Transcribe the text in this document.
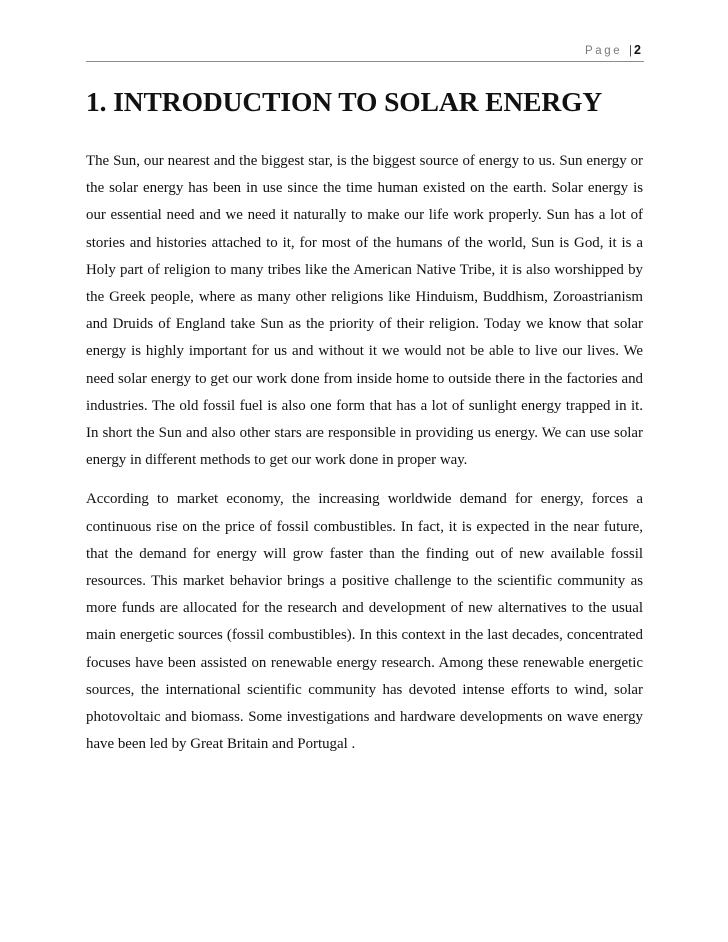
Page | 2
1. INTRODUCTION TO SOLAR ENERGY

The Sun, our nearest and the biggest star, is the biggest source of energy to us. Sun energy or the solar energy has been in use since the time human existed on the earth. Solar energy is our essential need and we need it naturally to make our life work properly. Sun has a lot of stories and histories attached to it, for most of the humans of the world, Sun is God, it is a Holy part of religion to many tribes like the American Native Tribe, it is also worshipped by the Greek people, where as many other religions like Hinduism, Buddhism, Zoroastrianism and Druids of England take Sun as the priority of their religion. Today we know that solar energy is highly important for us and without it we would not be able to live our lives. We need solar energy to get our work done from inside home to outside there in the factories and industries. The old fossil fuel is also one form that has a lot of sunlight energy trapped in it. In short the Sun and also other stars are responsible in providing us energy. We can use solar energy in different methods to get our work done in proper way.

According to market economy, the increasing worldwide demand for energy, forces a continuous rise on the price of fossil combustibles. In fact, it is expected in the near future, that the demand for energy will grow faster than the finding out of new available fossil resources. This market behavior brings a positive challenge to the scientific community as more funds are allocated for the research and development of new alternatives to the usual main energetic sources (fossil combustibles). In this context in the last decades, concentrated focuses have been assisted on renewable energy research. Among these renewable energetic sources, the international scientific community has devoted intense efforts to wind, solar photovoltaic and biomass. Some investigations and hardware developments on wave energy have been led by Great Britain and Portugal .
